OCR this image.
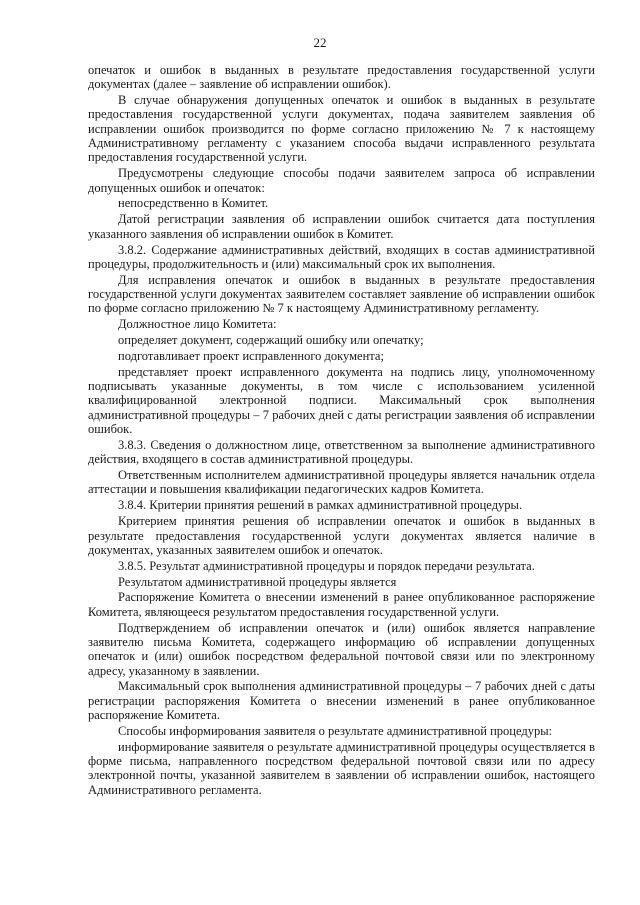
22

опечаток и ошибок в выданных в результате предоставления государственной услуги документах (далее – заявление об исправлении ошибок).

В случае обнаружения допущенных опечаток и ошибок в выданных в результате предоставления государственной услуги документах, подача заявителем заявления об исправлении ошибок производится по форме согласно приложению № 7 к настоящему Административному регламенту с указанием способа выдачи исправленного результата предоставления государственной услуги.

Предусмотрены следующие способы подачи заявителем запроса об исправлении допущенных ошибок и опечаток:

непосредственно в Комитет.

Датой регистрации заявления об исправлении ошибок считается дата поступления указанного заявления об исправлении ошибок в Комитет.

3.8.2. Содержание административных действий, входящих в состав административной процедуры, продолжительность и (или) максимальный срок их выполнения.

Для исправления опечаток и ошибок в выданных в результате предоставления государственной услуги документах заявителем составляет заявление об исправлении ошибок по форме согласно приложению № 7 к настоящему Административному регламенту.

Должностное лицо Комитета:

определяет документ, содержащий ошибку или опечатку;

подготавливает проект исправленного документа;

представляет проект исправленного документа на подпись лицу, уполномоченному подписывать указанные документы, в том числе с использованием усиленной квалифицированной электронной подписи. Максимальный срок выполнения административной процедуры – 7 рабочих дней с даты регистрации заявления об исправлении ошибок.

3.8.3. Сведения о должностном лице, ответственном за выполнение административного действия, входящего в состав административной процедуры.

Ответственным исполнителем административной процедуры является начальник отдела аттестации и повышения квалификации педагогических кадров Комитета.

3.8.4. Критерии принятия решений в рамках административной процедуры.

Критерием принятия решения об исправлении опечаток и ошибок в выданных в результате предоставления государственной услуги документах является наличие в документах, указанных заявителем ошибок и опечаток.

3.8.5. Результат административной процедуры и порядок передачи результата.

Результатом административной процедуры является

Распоряжение Комитета о внесении изменений в ранее опубликованное распоряжение Комитета, являющееся результатом предоставления государственной услуги.

Подтверждением об исправлении опечаток и (или) ошибок является направление заявителю письма Комитета, содержащего информацию об исправлении допущенных опечаток и (или) ошибок посредством федеральной почтовой связи или по электронному адресу, указанному в заявлении.

Максимальный срок выполнения административной процедуры – 7 рабочих дней с даты регистрации распоряжения Комитета о внесении изменений в ранее опубликованное распоряжение Комитета.

Способы информирования заявителя о результате административной процедуры:

информирование заявителя о результате административной процедуры осуществляется в форме письма, направленного посредством федеральной почтовой связи или по адресу электронной почты, указанной заявителем в заявлении об исправлении ошибок, настоящего Административного регламента.
